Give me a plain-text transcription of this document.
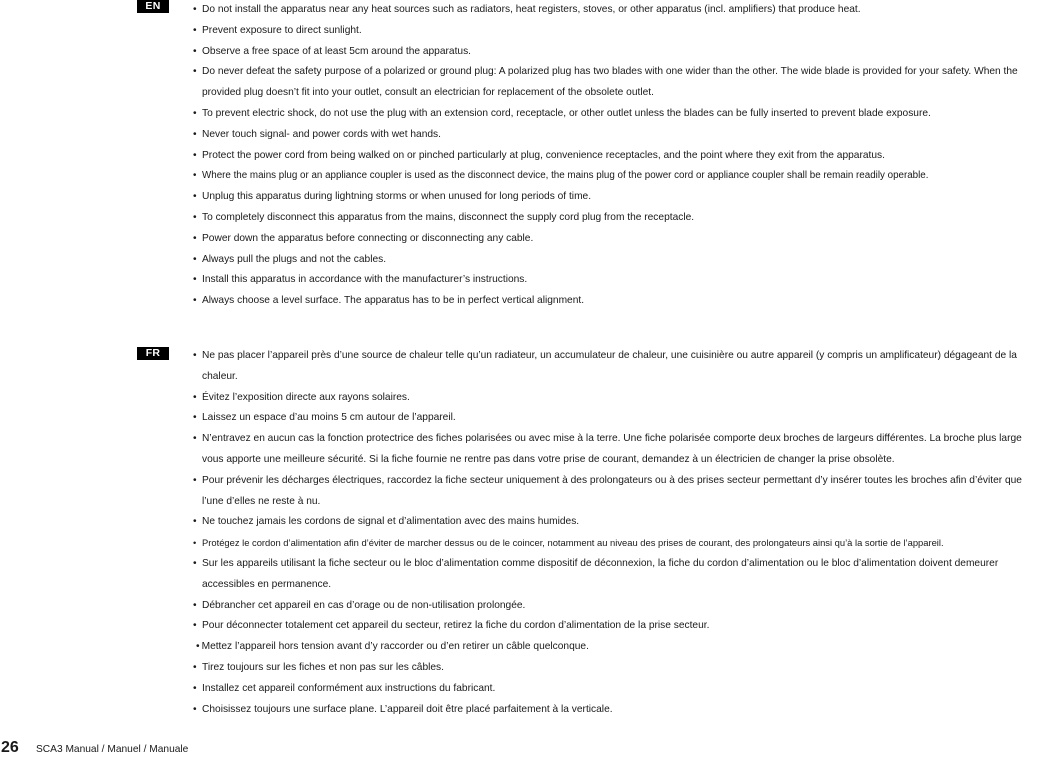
EN	• Do not install the apparatus near any heat sources such as radiators, heat registers, stoves, or other apparatus (incl. amplifiers) that produce heat.
• Prevent exposure to direct sunlight.
• Observe a free space of at least 5cm around the apparatus.
• Do never defeat the safety purpose of a polarized or ground plug: A polarized plug has two blades with one wider than the other. The wide blade is provided for your safety. When the provided plug doesn’t fit into your outlet, consult an electrician for replacement of the obsolete outlet.
• To prevent electric shock, do not use the plug with an extension cord, receptacle, or other outlet unless the blades can be fully inserted to prevent blade exposure.
• Never touch signal- and power cords with wet hands.
• Protect the power cord from being walked on or pinched particularly at plug, convenience receptacles, and the point where they exit from the apparatus.
• Where the mains plug or an appliance coupler is used as the disconnect device, the mains plug of the power cord or appliance coupler shall be remain readily operable.
• Unplug this apparatus during lightning storms or when unused for long periods of time.
• To completely disconnect this apparatus from the mains, disconnect the supply cord plug from the receptacle.
• Power down the apparatus before connecting or disconnecting any cable.
• Always pull the plugs and not the cables.
• Install this apparatus in accordance with the manufacturer’s instructions.
• Always choose a level surface. The apparatus has to be in perfect vertical alignment.
FR	• Ne pas placer l’appareil près d’une source de chaleur telle qu’un radiateur, un accumulateur de chaleur, une cuisinière ou autre appareil (y compris un amplificateur) dégageant de la chaleur.
• Évitez l’exposition directe aux rayons solaires.
• Laissez un espace d’au moins 5 cm autour de l’appareil.
• N’entravez en aucun cas la fonction protectrice des fiches polarisées ou avec mise à la terre. Une fiche polarisée comporte deux broches de largeurs différentes. La broche plus large vous apporte une meilleure sécurité. Si la fiche fournie ne rentre pas dans votre prise de courant, demandez à un électricien de changer la prise obsolète.
• Pour prévenir les décharges électriques, raccordez la fiche secteur uniquement à des prolongateurs ou à des prises secteur permettant d’y insérer toutes les broches afin d’éviter que l’une d’elles ne reste à nu.
• Ne touchez jamais les cordons de signal et d’alimentation avec des mains humides.
• Protégez le cordon d’alimentation afin d’éviter de marcher dessus ou de le coincer, notamment au niveau des prises de courant, des prolongateurs ainsi qu’à la sortie de l’appareil.
• Sur les appareils utilisant la fiche secteur ou le bloc d’alimentation comme dispositif de déconnexion, la fiche du cordon d’alimentation ou le bloc d’alimentation doivent demeurer accessibles en permanence.
• Débrancher cet appareil en cas d’orage ou de non-utilisation prolongée.
• Pour déconnecter totalement cet appareil du secteur, retirez la fiche du cordon d’alimentation de la prise secteur.
• Mettez l’appareil hors tension avant d’y raccorder ou d’en retirer un câble quelconque.
• Tirez toujours sur les fiches et non pas sur les câbles.
• Installez cet appareil conformément aux instructions du fabricant.
• Choisissez toujours une surface plane. L’appareil doit être placé parfaitement à la verticale.
26 SCA3 Manual / Manuel / Manuale
